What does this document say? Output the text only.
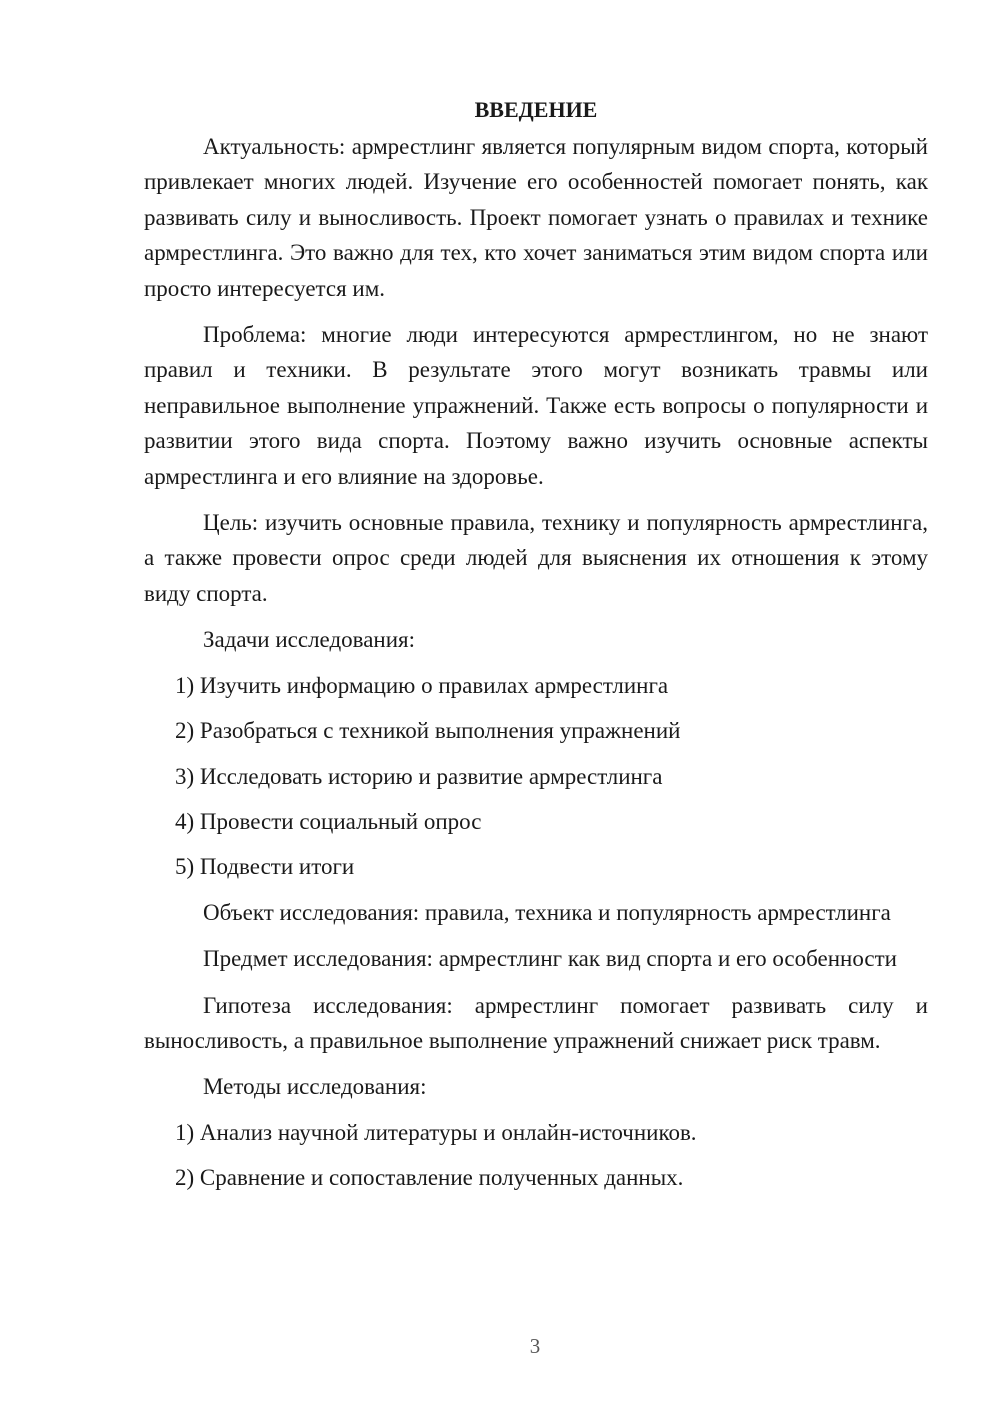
ВВЕДЕНИЕ

Актуальность: армрестлинг является популярным видом спорта, который привлекает многих людей. Изучение его особенностей помогает понять, как развивать силу и выносливость. Проект помогает узнать о правилах и технике армрестлинга. Это важно для тех, кто хочет заниматься этим видом спорта или просто интересуется им.

Проблема: многие люди интересуются армрестлингом, но не знают правил и техники. В результате этого могут возникать травмы или неправильное выполнение упражнений. Также есть вопросы о популярности и развитии этого вида спорта. Поэтому важно изучить основные аспекты армрестлинга и его влияние на здоровье.

Цель: изучить основные правила, технику и популярность армрестлинга, а также провести опрос среди людей для выяснения их отношения к этому виду спорта.

Задачи исследования:
1) Изучить информацию о правилах армрестлинга
2) Разобраться с техникой выполнения упражнений
3) Исследовать историю и развитие армрестлинга
4) Провести социальный опрос
5) Подвести итоги

Объект исследования: правила, техника и популярность армрестлинга

Предмет исследования: армрестлинг как вид спорта и его особенности

Гипотеза исследования: армрестлинг помогает развивать силу и выносливость, а правильное выполнение упражнений снижает риск травм.

Методы исследования:
1) Анализ научной литературы и онлайн-источников.
2) Сравнение и сопоставление полученных данных.
3
